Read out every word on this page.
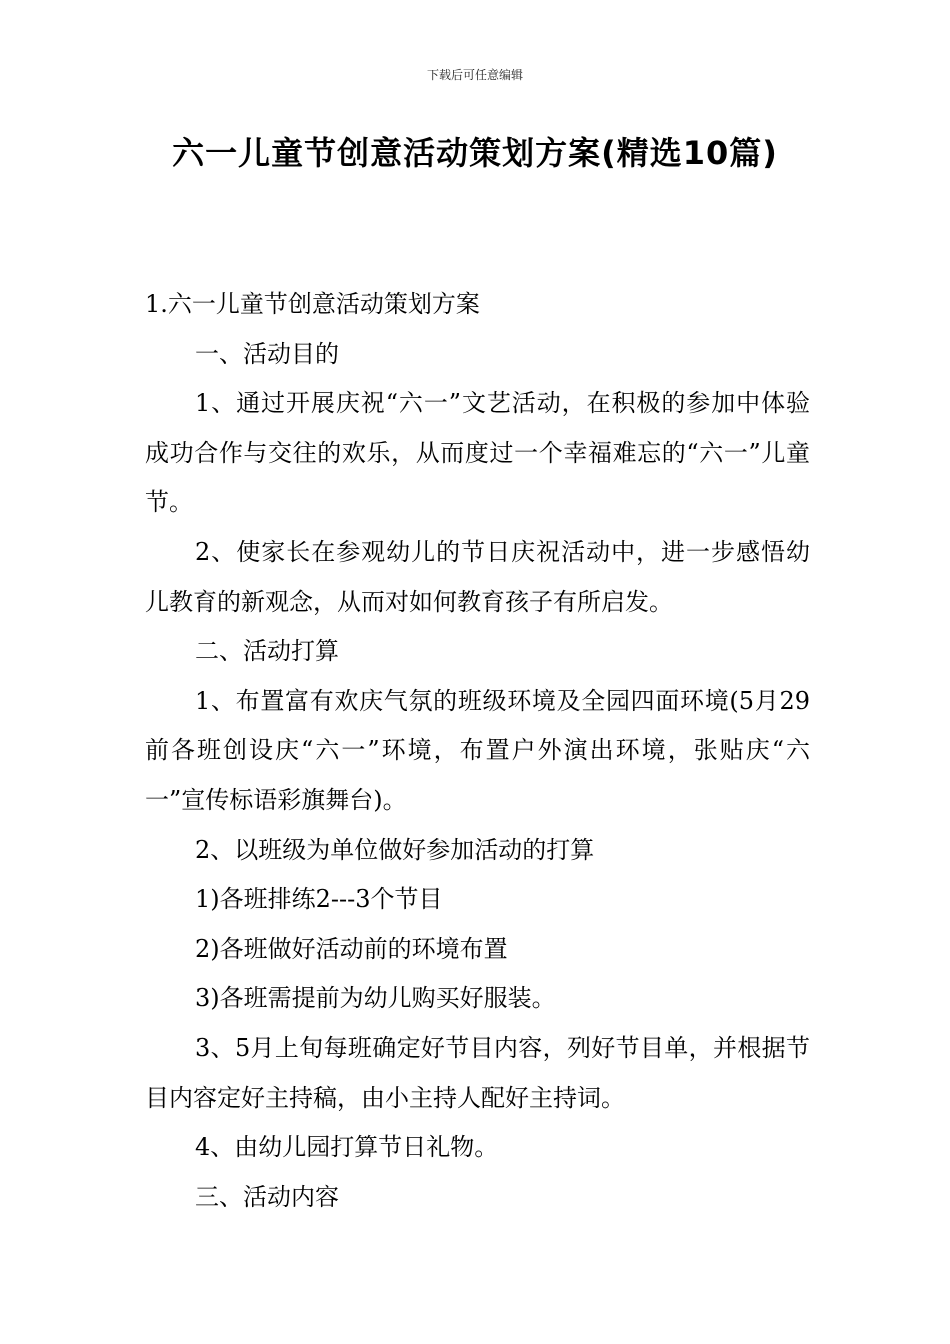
下载后可任意编辑
六一儿童节创意活动策划方案(精选10篇)

1.六一儿童节创意活动策划方案

一、活动目的

1、通过开展庆祝“六一”文艺活动，在积极的参加中体验成功合作与交往的欢乐，从而度过一个幸福难忘的“六一”儿童节。

2、使家长在参观幼儿的节日庆祝活动中，进一步感悟幼儿教育的新观念，从而对如何教育孩子有所启发。

二、活动打算

1、布置富有欢庆气氛的班级环境及全园四面环境(5月29前各班创设庆“六一”环境，布置户外演出环境，张贴庆“六一”宣传标语彩旗舞台)。

2、以班级为单位做好参加活动的打算

1)各班排练2---3个节目

2)各班做好活动前的环境布置

3)各班需提前为幼儿购买好服装。

3、5月上旬每班确定好节目内容，列好节目单，并根据节目内容定好主持稿，由小主持人配好主持词。

4、由幼儿园打算节日礼物。

三、活动内容
